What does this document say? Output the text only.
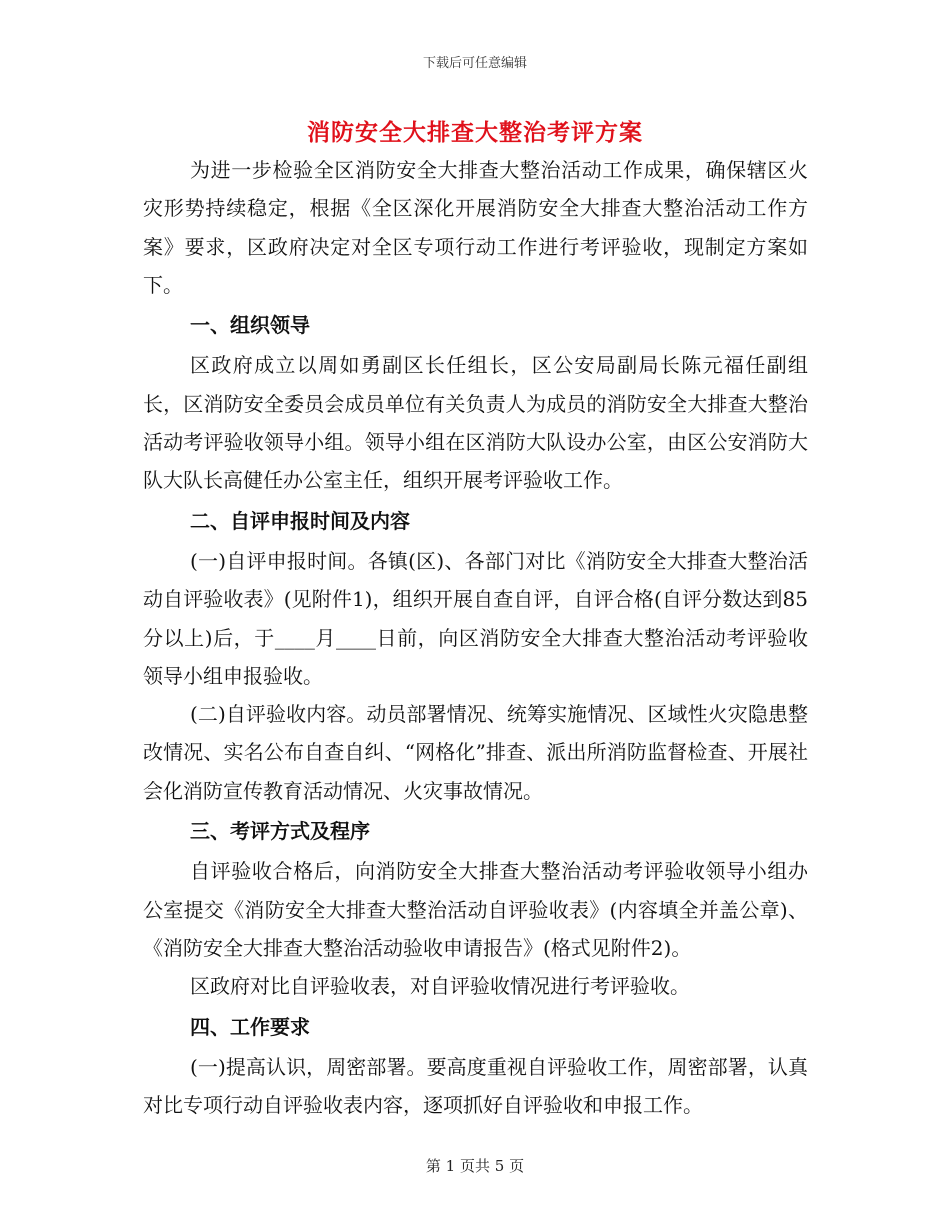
下载后可任意编辑
消防安全大排查大整治考评方案

为进一步检验全区消防安全大排查大整治活动工作成果，确保辖区火灾形势持续稳定，根据《全区深化开展消防安全大排查大整治活动工作方案》要求，区政府决定对全区专项行动工作进行考评验收，现制定方案如下。

一、组织领导

区政府成立以周如勇副区长任组长，区公安局副局长陈元福任副组长，区消防安全委员会成员单位有关负责人为成员的消防安全大排查大整治活动考评验收领导小组。领导小组在区消防大队设办公室，由区公安消防大队大队长高健任办公室主任，组织开展考评验收工作。

二、自评申报时间及内容

(一)自评申报时间。各镇(区)、各部门对比《消防安全大排查大整治活动自评验收表》(见附件1)，组织开展自查自评，自评合格(自评分数达到85分以上)后，于____月____日前，向区消防安全大排查大整治活动考评验收领导小组申报验收。

(二)自评验收内容。动员部署情况、统筹实施情况、区域性火灾隐患整改情况、实名公布自查自纠、“网格化”排查、派出所消防监督检查、开展社会化消防宣传教育活动情况、火灾事故情况。

三、考评方式及程序

自评验收合格后，向消防安全大排查大整治活动考评验收领导小组办公室提交《消防安全大排查大整治活动自评验收表》(内容填全并盖公章)、《消防安全大排查大整治活动验收申请报告》(格式见附件2)。

区政府对比自评验收表，对自评验收情况进行考评验收。

四、工作要求

(一)提高认识，周密部署。要高度重视自评验收工作，周密部署，认真对比专项行动自评验收表内容，逐项抓好自评验收和申报工作。

第 1 页共 5 页
